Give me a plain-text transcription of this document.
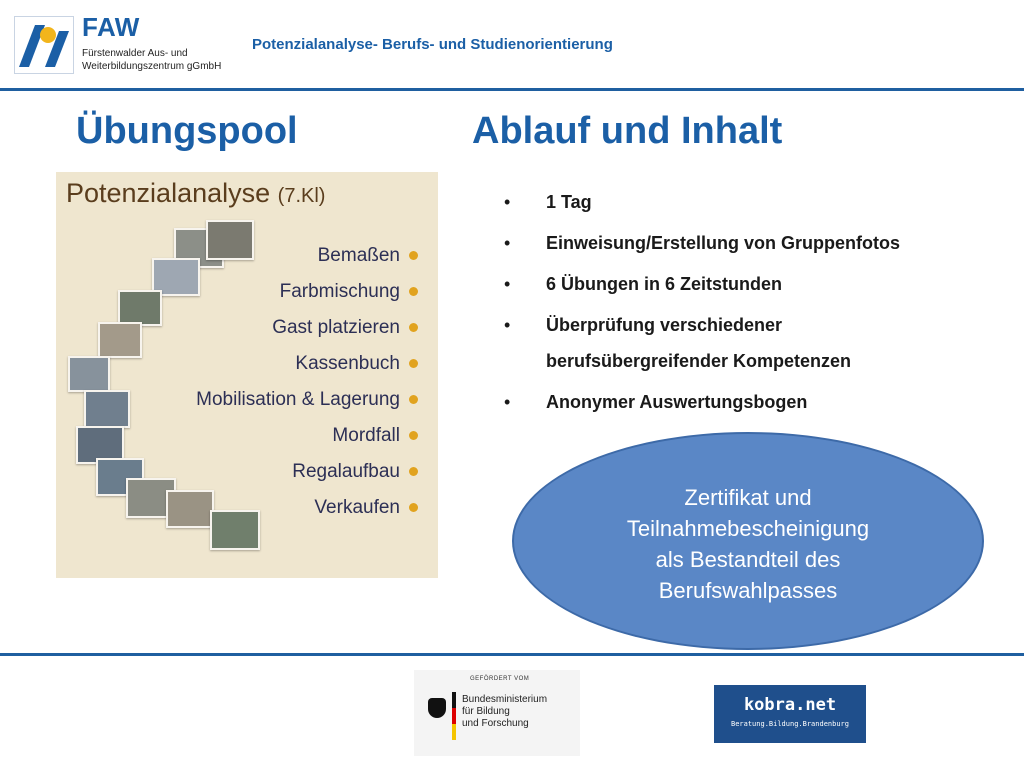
FAW
Fürstenwalder Aus- und
Weiterbildungszentrum gGmbH
Potenzialanalyse- Berufs- und Studienorientierung
Übungspool	Ablauf und Inhalt
Potenzialanalyse (7.Kl)
Bemaßen
Farbmischung
Gast platzieren
Kassenbuch
Mobilisation & Lagerung
Mordfall
Regalaufbau
Verkaufen
• 1 Tag
• Einweisung/Erstellung von Gruppenfotos
• 6 Übungen in 6 Zeitstunden
• Überprüfung verschiedener
berufsübergreifender Kompetenzen
• Anonymer Auswertungsbogen
Zertifikat und
Teilnahmebescheinigung
als Bestandteil des
Berufswahlpasses
GEFÖRDERT VOM
Bundesministerium
für Bildung
und Forschung
kobra.net
Beratung.Bildung.Brandenburg
